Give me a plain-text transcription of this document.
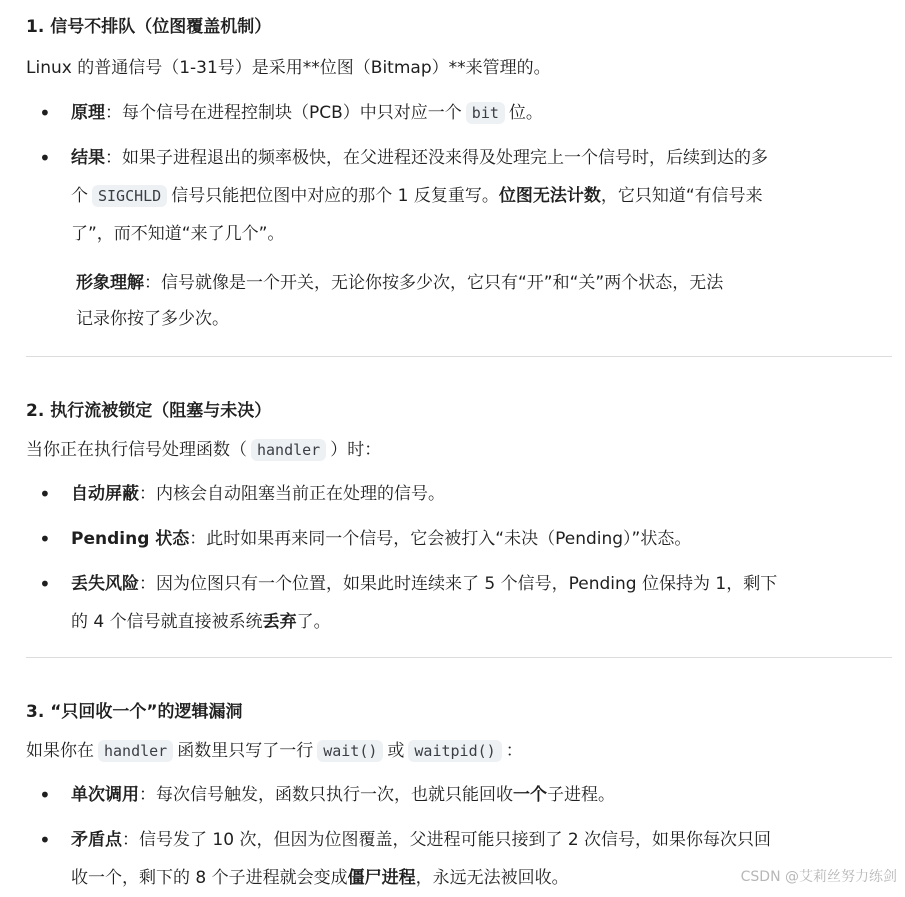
1. 信号不排队（位图覆盖机制）
Linux 的普通信号（1-31号）是采用**位图（Bitmap）**来管理的。
• 原理：每个信号在进程控制块（PCB）中只对应一个 bit 位。
• 结果：如果子进程退出的频率极快，在父进程还没来得及处理完上一个信号时，后续到达的多
个 SIGCHLD 信号只能把位图中对应的那个 1 反复重写。位图无法计数，它只知道“有信号来
了”，而不知道“来了几个”。
形象理解：信号就像是一个开关，无论你按多少次，它只有“开”和“关”两个状态，无法
记录你按了多少次。
2. 执行流被锁定（阻塞与未决）
当你正在执行信号处理函数（ handler ）时：
• 自动屏蔽：内核会自动阻塞当前正在处理的信号。
• Pending 状态：此时如果再来同一个信号，它会被打入“未决（Pending）”状态。
• 丢失风险：因为位图只有一个位置，如果此时连续来了 5 个信号，Pending 位保持为 1，剩下
的 4 个信号就直接被系统丢弃了。
3. “只回收一个”的逻辑漏洞
如果你在 handler 函数里只写了一行 wait() 或 waitpid() ：
• 单次调用：每次信号触发，函数只执行一次，也就只能回收一个子进程。
• 矛盾点：信号发了 10 次，但因为位图覆盖，父进程可能只接到了 2 次信号，如果你每次只回
收一个，剩下的 8 个子进程就会变成僵尸进程，永远无法被回收。	CSDN @艾莉丝努力练剑
